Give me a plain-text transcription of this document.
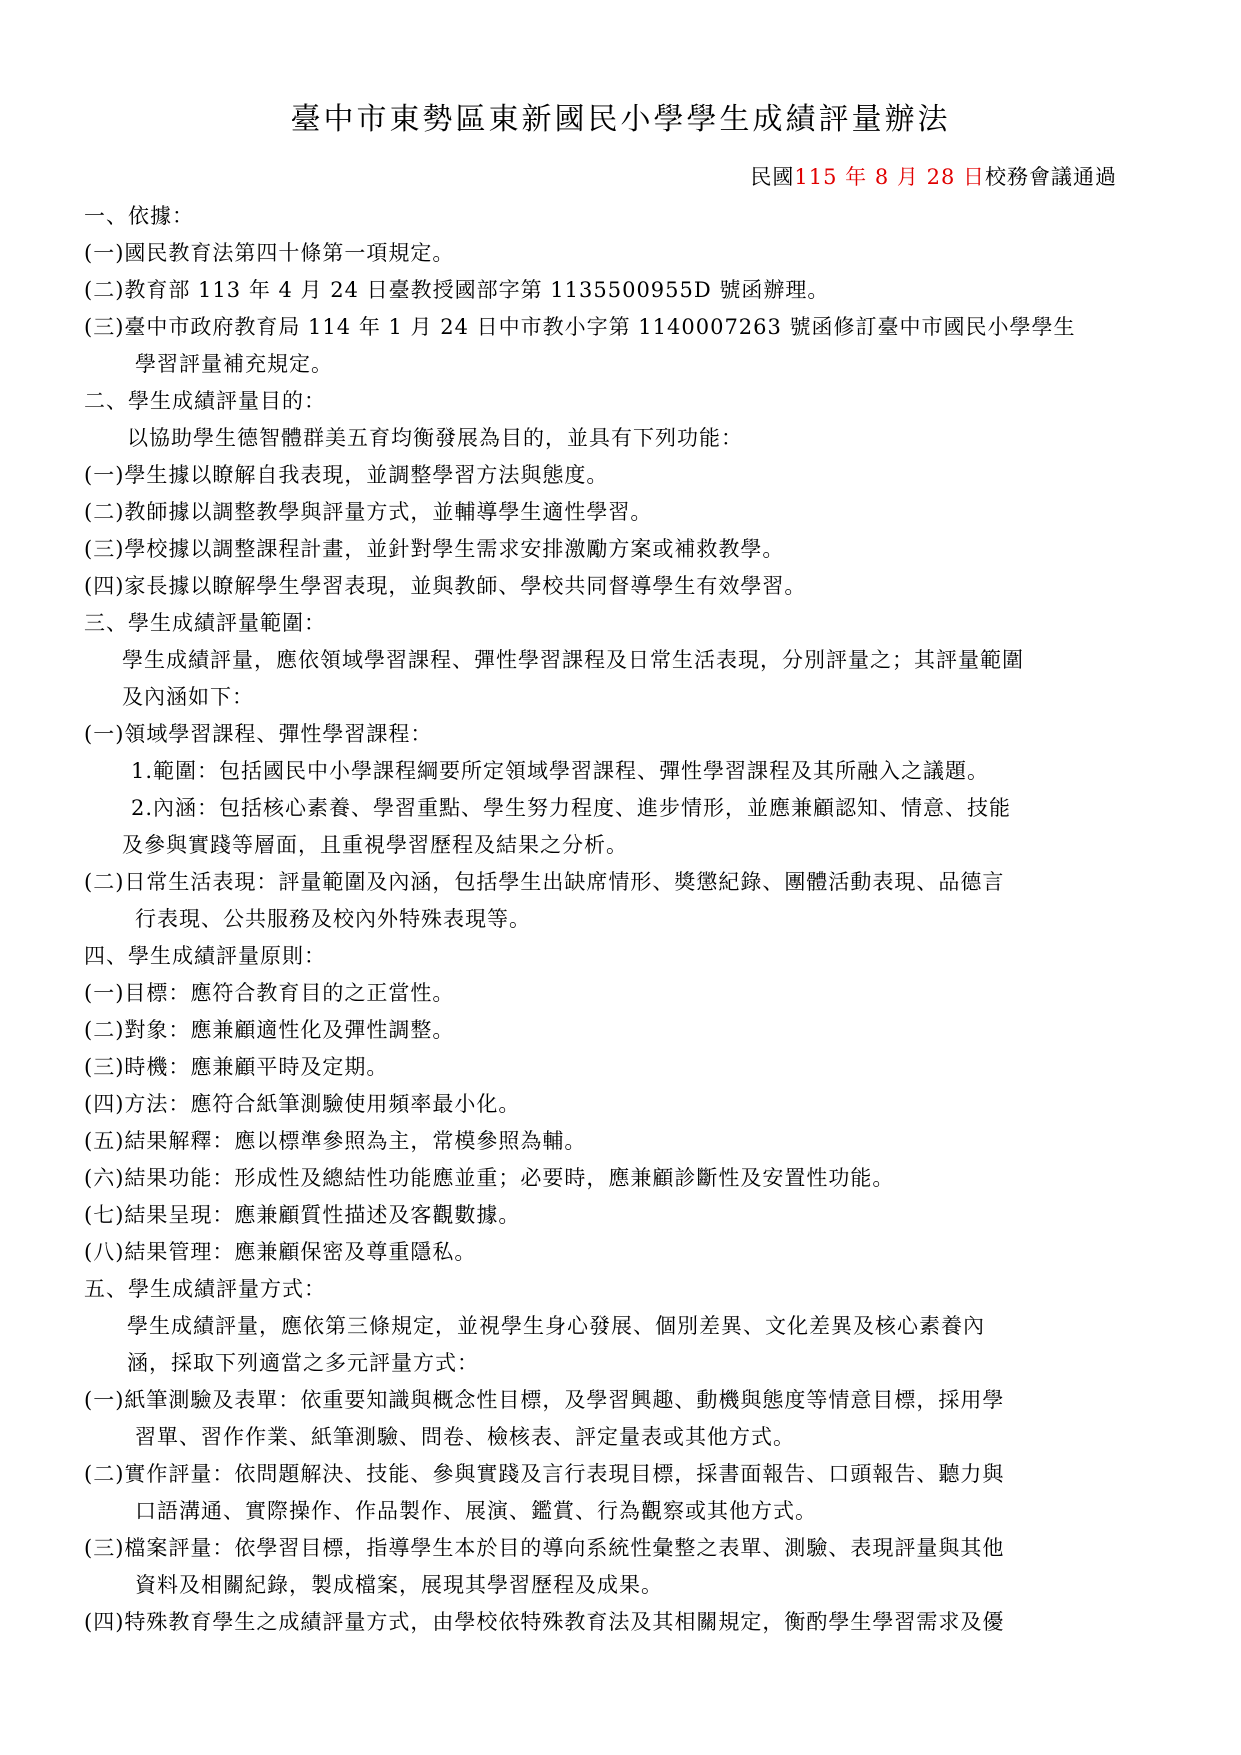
臺中市東勢區東新國民小學學生成績評量辦法
民國115 年 8 月 28 日校務會議通過
一、依據：
(一)國民教育法第四十條第一項規定。
(二)教育部 113 年 4 月 24 日臺教授國部字第 1135500955D 號函辦理。
(三)臺中市政府教育局 114 年 1 月 24 日中市教小字第 1140007263 號函修訂臺中市國民小學學生
學習評量補充規定。
二、學生成績評量目的：
以協助學生德智體群美五育均衡發展為目的，並具有下列功能：
(一)學生據以瞭解自我表現，並調整學習方法與態度。
(二)教師據以調整教學與評量方式，並輔導學生適性學習。
(三)學校據以調整課程計畫，並針對學生需求安排激勵方案或補救教學。
(四)家長據以瞭解學生學習表現，並與教師、學校共同督導學生有效學習。
三、學生成績評量範圍：
學生成績評量，應依領域學習課程、彈性學習課程及日常生活表現，分別評量之；其評量範圍
及內涵如下：
(一)領域學習課程、彈性學習課程：
1.範圍：包括國民中小學課程綱要所定領域學習課程、彈性學習課程及其所融入之議題。
2.內涵：包括核心素養、學習重點、學生努力程度、進步情形，並應兼顧認知、情意、技能
及參與實踐等層面，且重視學習歷程及結果之分析。
(二)日常生活表現：評量範圍及內涵，包括學生出缺席情形、獎懲紀錄、團體活動表現、品德言
行表現、公共服務及校內外特殊表現等。
四、學生成績評量原則：
(一)目標：應符合教育目的之正當性。
(二)對象：應兼顧適性化及彈性調整。
(三)時機：應兼顧平時及定期。
(四)方法：應符合紙筆測驗使用頻率最小化。
(五)結果解釋：應以標準參照為主，常模參照為輔。
(六)結果功能：形成性及總結性功能應並重；必要時，應兼顧診斷性及安置性功能。
(七)結果呈現：應兼顧質性描述及客觀數據。
(八)結果管理：應兼顧保密及尊重隱私。
五、學生成績評量方式：
學生成績評量，應依第三條規定，並視學生身心發展、個別差異、文化差異及核心素養內
涵，採取下列適當之多元評量方式：
(一)紙筆測驗及表單：依重要知識與概念性目標，及學習興趣、動機與態度等情意目標，採用學
習單、習作作業、紙筆測驗、問卷、檢核表、評定量表或其他方式。
(二)實作評量：依問題解決、技能、參與實踐及言行表現目標，採書面報告、口頭報告、聽力與
口語溝通、實際操作、作品製作、展演、鑑賞、行為觀察或其他方式。
(三)檔案評量：依學習目標，指導學生本於目的導向系統性彙整之表單、測驗、表現評量與其他
資料及相關紀錄，製成檔案，展現其學習歷程及成果。
(四)特殊教育學生之成績評量方式，由學校依特殊教育法及其相關規定，衡酌學生學習需求及優
